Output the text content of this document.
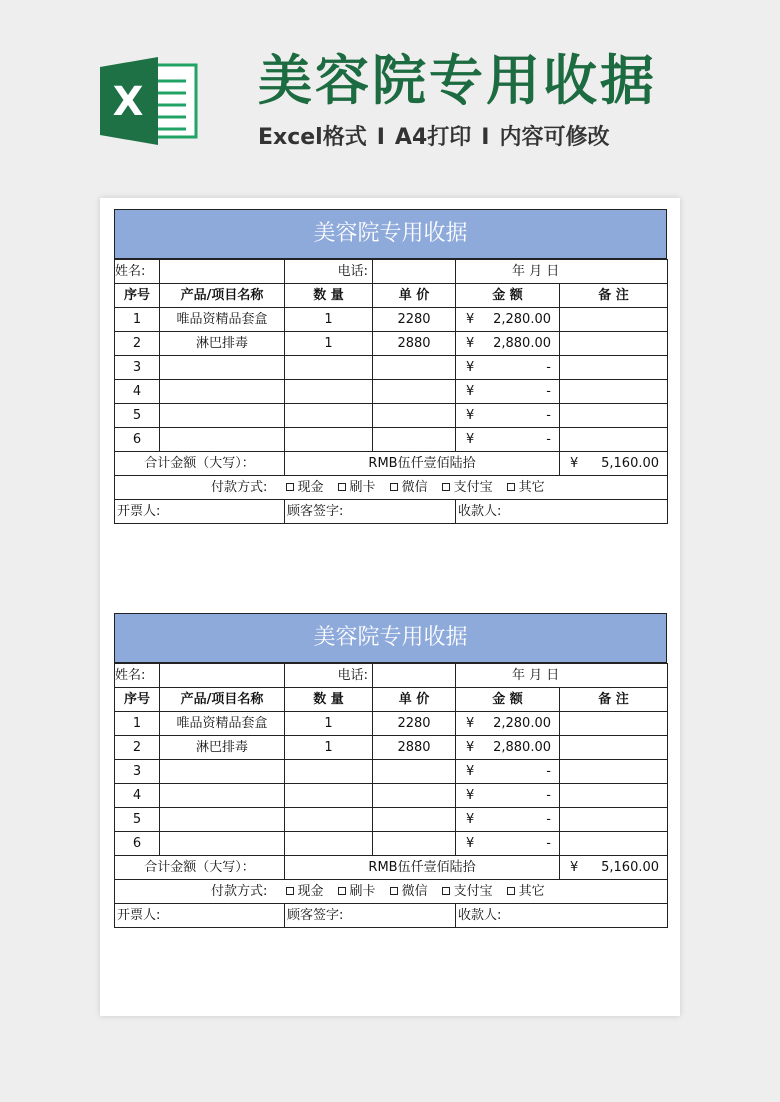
X 美容院专用收据
Excel格式 I A4打印 I 内容可修改
美容院专用收据
姓名:		电话:		年 月 日	
序号	产品/项目名称	数 量	单 价	金 额	备 注
1	唯品资精品套盒	1	2280	¥ 2,280.00	

2	淋巴排毒	1	2880	¥ 2,880.00	

3				¥ -	

4				¥ -	

5				¥ -	

6				¥ -	

合计金额（大写）：		RMB伍仟壹佰陆拾			¥ 5,160.00

付款方式: 现金 刷卡 微信 支付宝 其它					
开票人:		顾客签字:		收款人:	
美容院专用收据
姓名:		电话:		年 月 日	
序号	产品/项目名称	数 量	单 价	金 额	备 注
1	唯品资精品套盒	1	2280	¥ 2,280.00	

2	淋巴排毒	1	2880	¥ 2,880.00	

3				¥ -	

4				¥ -	

5				¥ -	

6				¥ -	

合计金额（大写）：		RMB伍仟壹佰陆拾			¥ 5,160.00

付款方式: 现金 刷卡 微信 支付宝 其它					
开票人:		顾客签字:		收款人:	
